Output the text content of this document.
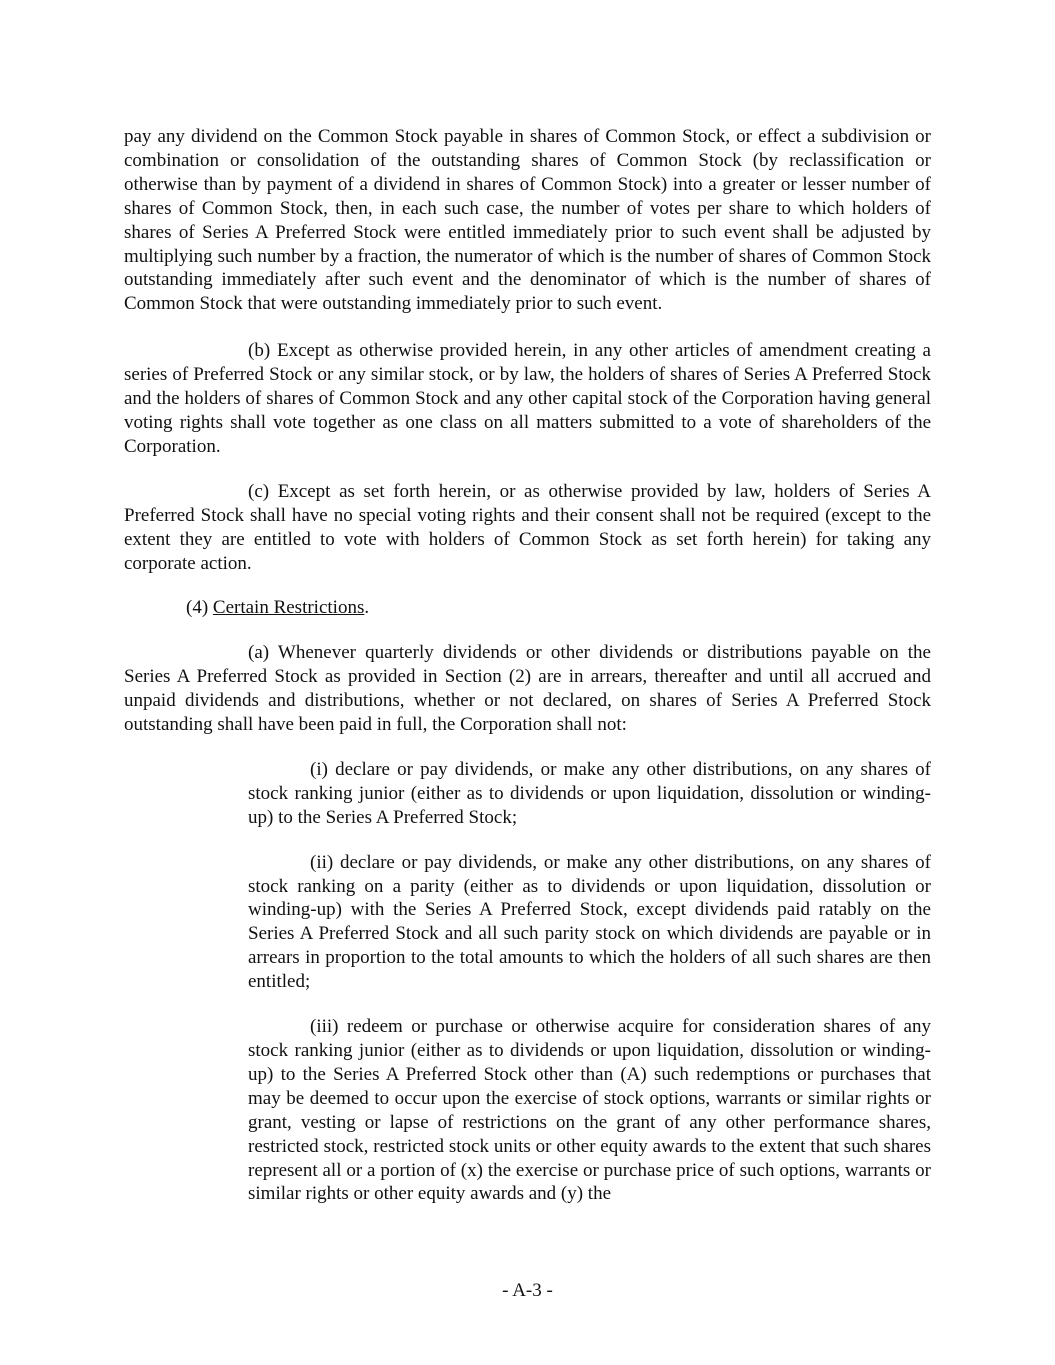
pay any dividend on the Common Stock payable in shares of Common Stock, or effect a subdivision or combination or consolidation of the outstanding shares of Common Stock (by reclassification or otherwise than by payment of a dividend in shares of Common Stock) into a greater or lesser number of shares of Common Stock, then, in each such case, the number of votes per share to which holders of shares of Series A Preferred Stock were entitled immediately prior to such event shall be adjusted by multiplying such number by a fraction, the numerator of which is the number of shares of Common Stock outstanding immediately after such event and the denominator of which is the number of shares of Common Stock that were outstanding immediately prior to such event.

(b) Except as otherwise provided herein, in any other articles of amendment creating a series of Preferred Stock or any similar stock, or by law, the holders of shares of Series A Preferred Stock and the holders of shares of Common Stock and any other capital stock of the Corporation having general voting rights shall vote together as one class on all matters submitted to a vote of shareholders of the Corporation.

(c) Except as set forth herein, or as otherwise provided by law, holders of Series A Preferred Stock shall have no special voting rights and their consent shall not be required (except to the extent they are entitled to vote with holders of Common Stock as set forth herein) for taking any corporate action.

(4) Certain Restrictions.

(a) Whenever quarterly dividends or other dividends or distributions payable on the Series A Preferred Stock as provided in Section (2) are in arrears, thereafter and until all accrued and unpaid dividends and distributions, whether or not declared, on shares of Series A Preferred Stock outstanding shall have been paid in full, the Corporation shall not:

(i) declare or pay dividends, or make any other distributions, on any shares of stock ranking junior (either as to dividends or upon liquidation, dissolution or winding-up) to the Series A Preferred Stock;

(ii) declare or pay dividends, or make any other distributions, on any shares of stock ranking on a parity (either as to dividends or upon liquidation, dissolution or winding-up) with the Series A Preferred Stock, except dividends paid ratably on the Series A Preferred Stock and all such parity stock on which dividends are payable or in arrears in proportion to the total amounts to which the holders of all such shares are then entitled;

(iii) redeem or purchase or otherwise acquire for consideration shares of any stock ranking junior (either as to dividends or upon liquidation, dissolution or winding-up) to the Series A Preferred Stock other than (A) such redemptions or purchases that may be deemed to occur upon the exercise of stock options, warrants or similar rights or grant, vesting or lapse of restrictions on the grant of any other performance shares, restricted stock, restricted stock units or other equity awards to the extent that such shares represent all or a portion of (x) the exercise or purchase price of such options, warrants or similar rights or other equity awards and (y) the

- A-3 -
